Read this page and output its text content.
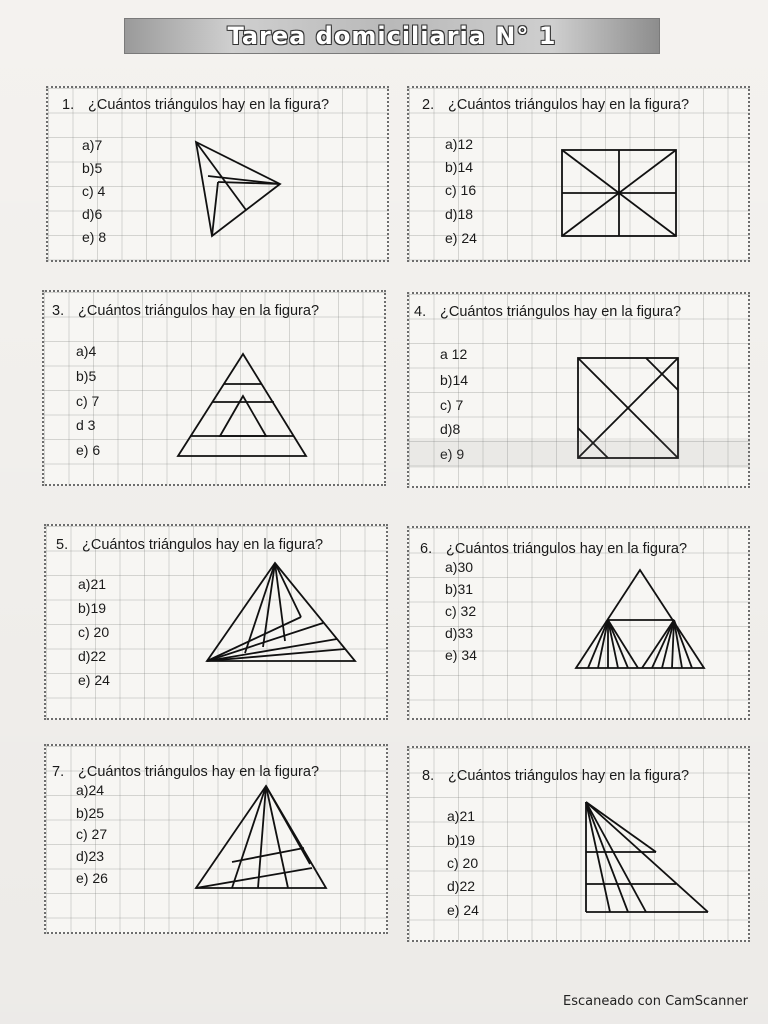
Tarea domiciliaria N° 1
1. ¿Cuántos triángulos hay en la figura?
a)7
b)5
c) 4
d)6
e) 8
2. ¿Cuántos triángulos hay en la figura?
a)12
b)14
c) 16
d)18
e) 24
3. ¿Cuántos triángulos hay en la figura?
a)4
b)5
c) 7
d 3
e) 6
4. ¿Cuántos triángulos hay en la figura?
a 12
b)14
c) 7
d)8
e) 9
5. ¿Cuántos triángulos hay en la figura?
a)21
b)19
c) 20
d)22
e) 24
6. ¿Cuántos triángulos hay en la figura?
a)30
b)31
c) 32
d)33
e) 34
7. ¿Cuántos triángulos hay en la figura?
a)24
b)25
c) 27
d)23
e) 26
8. ¿Cuántos triángulos hay en la figura?
a)21
b)19
c) 20
d)22
e) 24
Escaneado con CamScanner
